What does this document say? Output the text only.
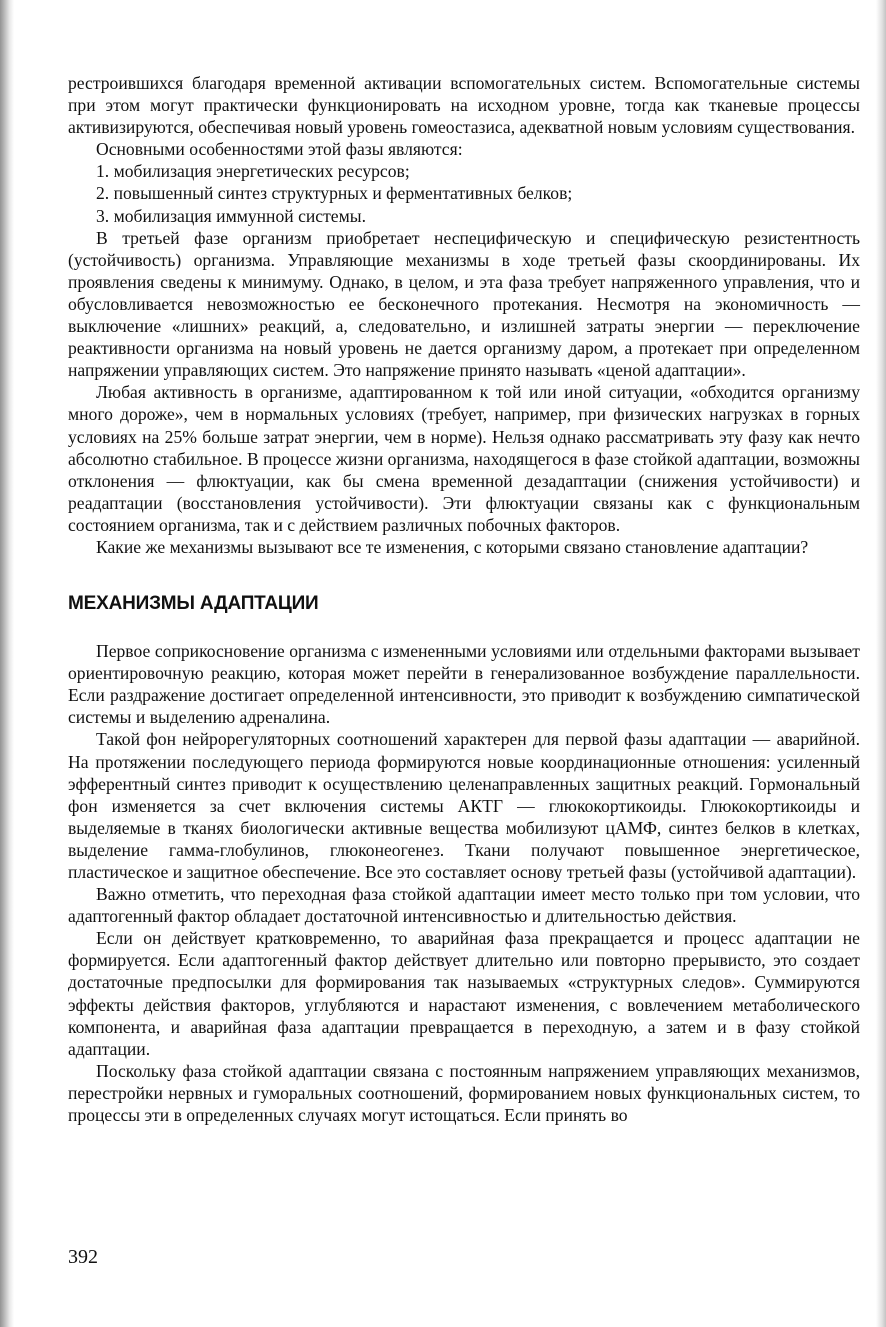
рестроившихся благодаря временной активации вспомогательных систем. Вспомогательные системы при этом могут практически функционировать на исходном уровне, тогда как тканевые процессы активизируются, обеспечивая новый уровень гомеостазиса, адекватной новым условиям существования.

Основными особенностями этой фазы являются:

1. мобилизация энергетических ресурсов;

2. повышенный синтез структурных и ферментативных белков;

3. мобилизация иммунной системы.

В третьей фазе организм приобретает неспецифическую и специфическую резистентность (устойчивость) организма. Управляющие механизмы в ходе третьей фазы скоординированы. Их проявления сведены к минимуму. Однако, в целом, и эта фаза требует напряженного управления, что и обусловливается невозможностью ее бесконечного протекания. Несмотря на экономичность — выключение «лишних» реакций, а, следовательно, и излишней затраты энергии — переключение реактивности организма на новый уровень не дается организму даром, а протекает при определенном напряжении управляющих систем. Это напряжение принято называть «ценой адаптации».

Любая активность в организме, адаптированном к той или иной ситуации, «обходится организму много дороже», чем в нормальных условиях (требует, например, при физических нагрузках в горных условиях на 25% больше затрат энергии, чем в норме). Нельзя однако рассматривать эту фазу как нечто абсолютно стабильное. В процессе жизни организма, находящегося в фазе стойкой адаптации, возможны отклонения — флюктуации, как бы смена временной дезадаптации (снижения устойчивости) и реадаптации (восстановления устойчивости). Эти флюктуации связаны как с функциональным состоянием организма, так и с действием различных побочных факторов.

Какие же механизмы вызывают все те изменения, с которыми связано становление адаптации?

МЕХАНИЗМЫ АДАПТАЦИИ

Первое соприкосновение организма с измененными условиями или отдельными факторами вызывает ориентировочную реакцию, которая может перейти в генерализованное возбуждение параллельности. Если раздражение достигает определенной интенсивности, это приводит к возбуждению симпатической системы и выделению адреналина.

Такой фон нейрорегуляторных соотношений характерен для первой фазы адаптации — аварийной. На протяжении последующего периода формируются новые координационные отношения: усиленный эфферентный синтез приводит к осуществлению целенаправленных защитных реакций. Гормональный фон изменяется за счет включения системы АКТГ — глюкокортикоиды. Глюкокортикоиды и выделяемые в тканях биологически активные вещества мобилизуют цАМФ, синтез белков в клетках, выделение гамма-глобулинов, глюконеогенез. Ткани получают повышенное энергетическое, пластическое и защитное обеспечение. Все это составляет основу третьей фазы (устойчивой адаптации).

Важно отметить, что переходная фаза стойкой адаптации имеет место только при том условии, что адаптогенный фактор обладает достаточной интенсивностью и длительностью действия.

Если он действует кратковременно, то аварийная фаза прекращается и процесс адаптации не формируется. Если адаптогенный фактор действует длительно или повторно прерывисто, это создает достаточные предпосылки для формирования так называемых «структурных следов». Суммируются эффекты действия факторов, углубляются и нарастают изменения, с вовлечением метаболического компонента, и аварийная фаза адаптации превращается в переходную, а затем и в фазу стойкой адаптации.

Поскольку фаза стойкой адаптации связана с постоянным напряжением управляющих механизмов, перестройки нервных и гуморальных соотношений, формированием новых функциональных систем, то процессы эти в определенных случаях могут истощаться. Если принять во

392
